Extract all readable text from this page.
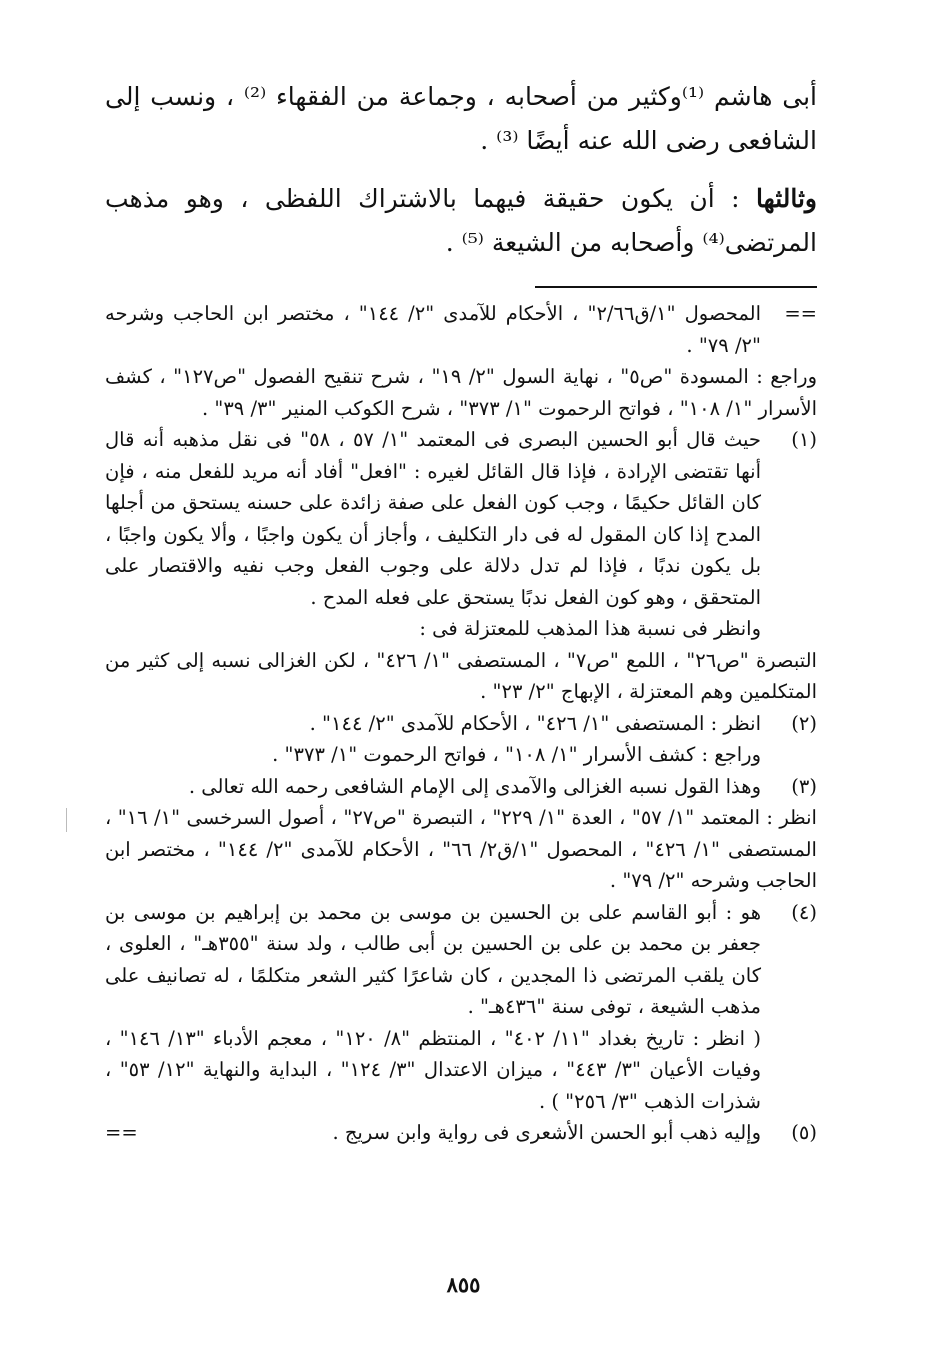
أبى هاشم ⁽¹⁾وكثير من أصحابه ، وجماعة من الفقهاء ⁽²⁾ ، ونسب إلى الشافعى رضى الله عنه أيضًا ⁽³⁾ .

وثالثها : أن يكون حقيقة فيهما بالاشتراك اللفظى ، وهو مذهب المرتضى⁽⁴⁾ وأصحابه من الشيعة ⁽⁵⁾ .

==

المحصول "١/ق٢/٦٦" ، الأحكام للآمدى "٢/ ١٤٤" ، مختصر ابن الحاجب وشرحه "٢/ ٧٩" .

وراجع : المسودة "ص٥" ، نهاية السول "٢/ ١٩" ، شرح تنقيح الفصول "ص١٢٧" ، كشف الأسرار "١/ ١٠٨" ، فواتح الرحموت "١/ ٣٧٣" ، شرح الكوكب المنير "٣/ ٣٩" .

(١)

حيث قال أبو الحسين البصرى فى المعتمد "١/ ٥٧ ، ٥٨" فى نقل مذهبه أنه قال أنها تقتضى الإرادة ، فإذا قال القائل لغيره : "افعل" أفاد أنه مريد للفعل منه ، فإن كان القائل حكيمًا ، وجب كون الفعل على صفة زائدة على حسنه يستحق من أجلها المدح إذا كان المقول له فى دار التكليف ، وأجاز أن يكون واجبًا ، وألا يكون واجبًا ، بل يكون ندبًا ، فإذا لم تدل دلالة على وجوب الفعل وجب نفيه والاقتصار على المتحقق ، وهو كون الفعل ندبًا يستحق على فعله المدح .

وانظر فى نسبة هذا المذهب للمعتزلة فى :

التبصرة "ص٢٦" ، اللمع "ص٧" ، المستصفى "١/ ٤٢٦" ، لكن الغزالى نسبه إلى كثير من المتكلمين وهم المعتزلة ، الإبهاج "٢/ ٢٣" .

(٢)

انظر : المستصفى "١/ ٤٢٦" ، الأحكام للآمدى "٢/ ١٤٤" .

وراجع : كشف الأسرار "١/ ١٠٨" ، فواتح الرحموت "١/ ٣٧٣" .

(٣)

وهذا القول نسبه الغزالى والآمدى إلى الإمام الشافعى رحمه الله تعالى .

انظر : المعتمد "١/ ٥٧" ، العدة "١/ ٢٢٩" ، التبصرة "ص٢٧" ، أصول السرخسى "١/ ١٦" ، المستصفى "١/ ٤٢٦" ، المحصول "١/ق٢/ ٦٦" ، الأحكام للآمدى "٢/ ١٤٤" ، مختصر ابن الحاجب وشرحه "٢/ ٧٩" .

(٤)

هو : أبو القاسم على بن الحسين بن موسى بن محمد بن إبراهيم بن موسى بن جعفر بن محمد بن على بن الحسين بن أبى طالب ، ولد سنة "٣٥٥هـ" ، العلوى ، كان يلقب المرتضى ذا المجدين ، كان شاعرًا كثير الشعر متكلمًا ، له تصانيف على مذهب الشيعة ، توفى سنة "٤٣٦هـ" .

( انظر : تاريخ بغداد "١١/ ٤٠٢" ، المنتظم "٨/ ١٢٠" ، معجم الأدباء "١٣/ ١٤٦" ، وفيات الأعيان "٣/ ٤٤٣" ، ميزان الاعتدال "٣/ ١٢٤" ، البداية والنهاية "١٢/ ٥٣" ، شذرات الذهب "٣/ ٢٥٦" ) .

(٥)

وإليه ذهب أبو الحسن الأشعرى فى رواية وابن سريج .

==
٨٥٥
